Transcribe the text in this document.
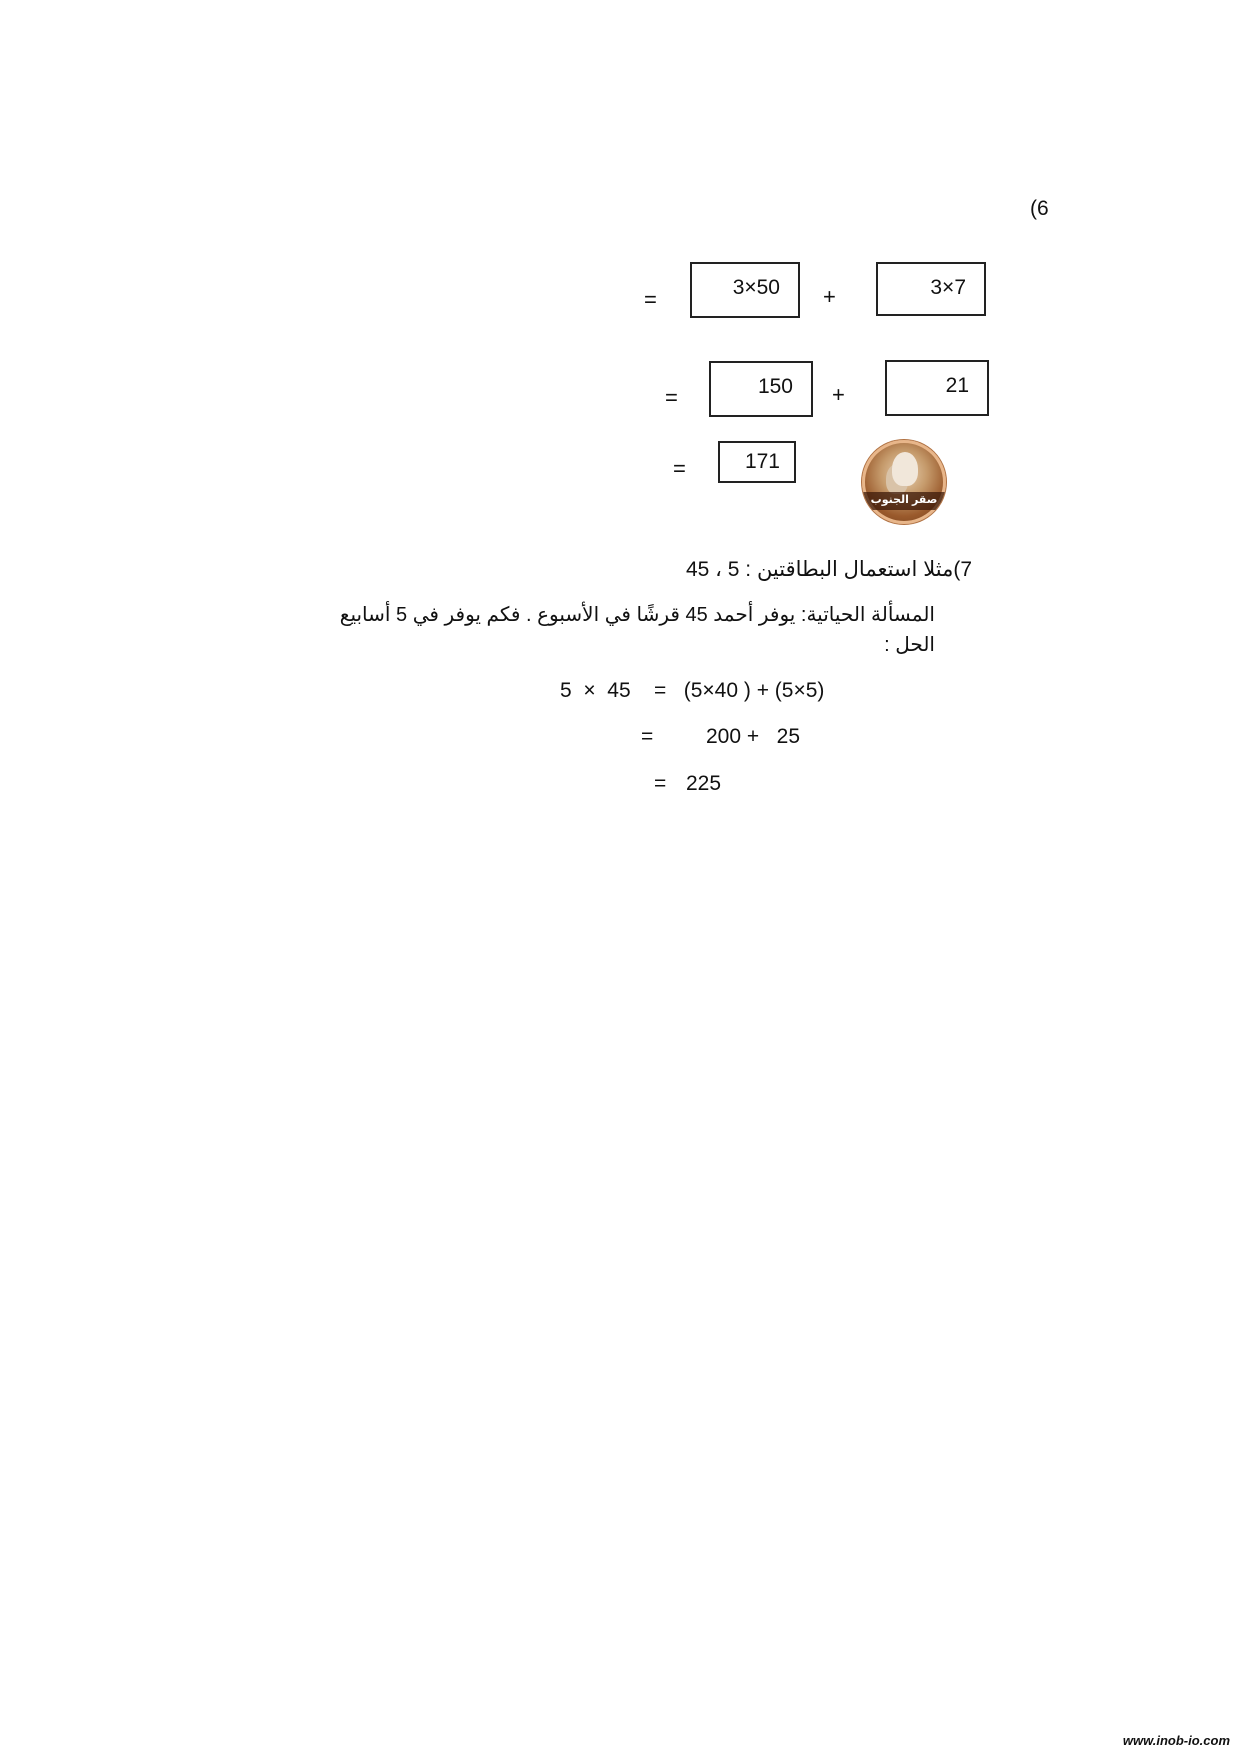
(6
=	3×50 +	3×7
=	150 +	21
=	171
صقر الجنوب
7)مثلا استعمال البطاقتين : 5 ، 45
المسألة الحياتية: يوفر أحمد 45 قرشًا في الأسبوع . فكم يوفر في 5 أسابيع
الحل :
5  ×  45    =   (5×40 ) + (5×5)
=	200 +   25
= 225
www.inob-io.com
